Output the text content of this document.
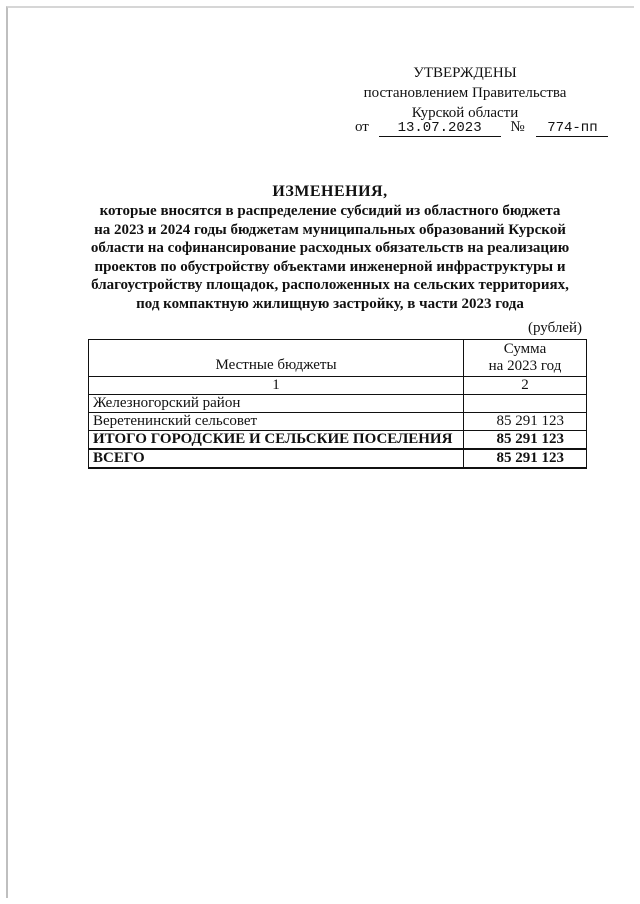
УТВЕРЖДЕНЫ
постановлением Правительства
Курской области
от 13.07.2023 № 774-пп
ИЗМЕНЕНИЯ,
которые вносятся в распределение субсидий из областного бюджета
на 2023 и 2024 годы бюджетам муниципальных образований Курской
области на софинансирование расходных обязательств на реализацию
проектов по обустройству объектами инженерной инфраструктуры и
благоустройству площадок, расположенных на сельских территориях,
под компактную жилищную застройку, в части 2023 года
(рублей)
Местные бюджеты	Сумма
на 2023 год

1	2
Железногорский район	
Веретенинский сельсовет	85 291 123
ИТОГО ГОРОДСКИЕ И СЕЛЬСКИЕ ПОСЕЛЕНИЯ	85 291 123
ВСЕГО	85 291 123
